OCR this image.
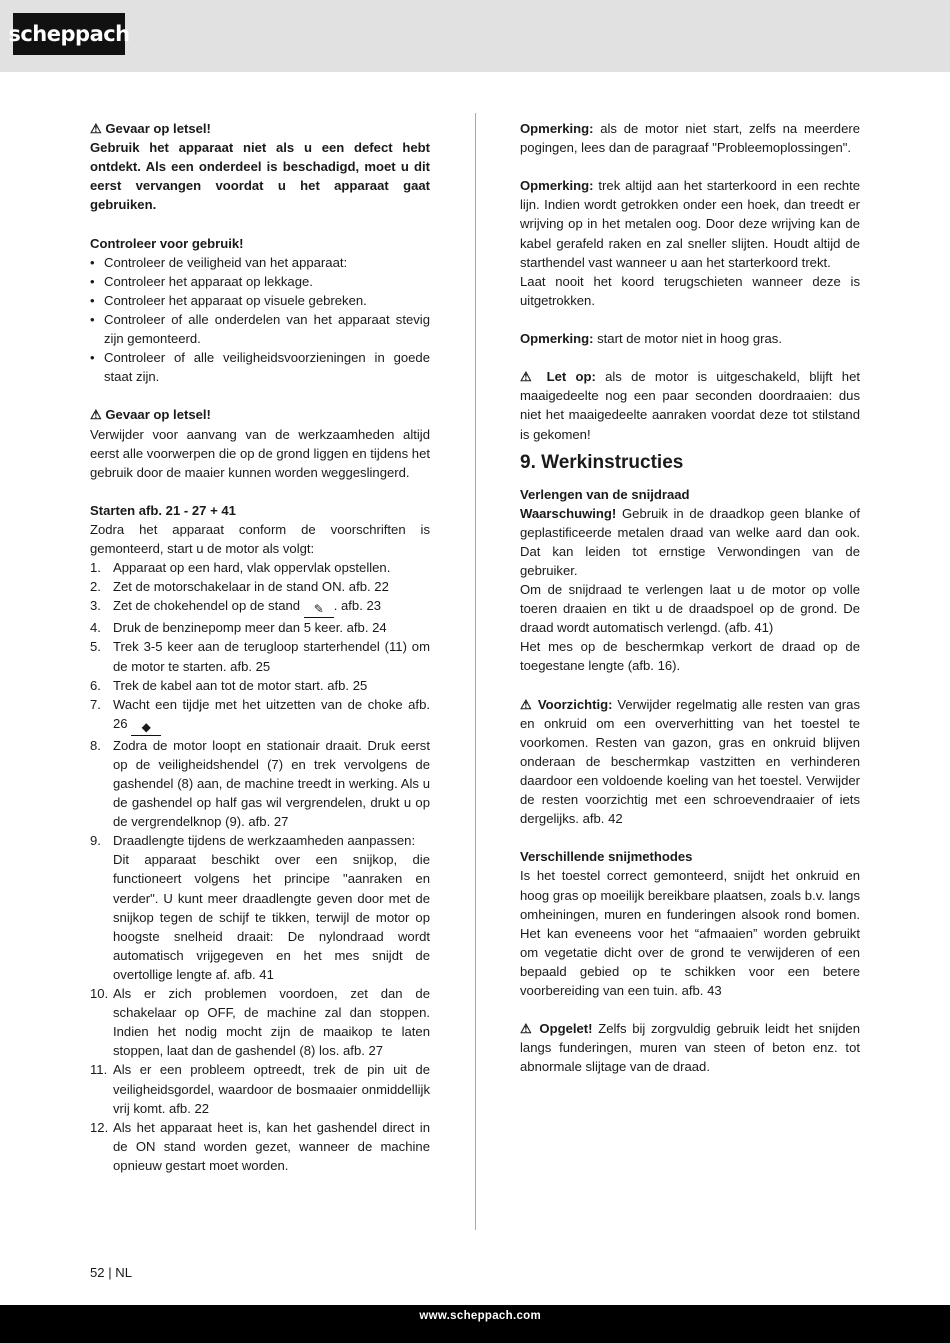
scheppach

⚠ Gevaar op letsel!

Gebruik het apparaat niet als u een defect hebt ontdekt. Als een onderdeel is beschadigd, moet u dit eerst vervangen voordat u het apparaat gaat gebruiken.

Controleer voor gebruik!

• Controleer de veiligheid van het apparaat:
• Controleer het apparaat op lekkage.
• Controleer het apparaat op visuele gebreken.
• Controleer of alle onderdelen van het apparaat stevig zijn gemonteerd.
• Controleer of alle veiligheidsvoorzieningen in goede staat zijn.

⚠ Gevaar op letsel!

Verwijder voor aanvang van de werkzaamheden altijd eerst alle voorwerpen die op de grond liggen en tijdens het gebruik door de maaier kunnen worden weggeslingerd.

Starten afb. 21 - 27 + 41

Zodra het apparaat conform de voorschriften is gemonteerd, start u de motor als volgt:

1. Apparaat op een hard, vlak oppervlak opstellen.
2. Zet de motorschakelaar in de stand ON. afb. 22
3. Zet de chokehendel op de stand ✎ . afb. 23
4. Druk de benzinepomp meer dan 5 keer. afb. 24
5. Trek 3-5 keer aan de terugloop starterhendel (11) om de motor te starten. afb. 25
6. Trek de kabel aan tot de motor start. afb. 25
7. Wacht een tijdje met het uitzetten van de choke afb. 26 ◆
8. Zodra de motor loopt en stationair draait. Druk eerst op de veiligheidshendel (7) en trek vervolgens de gashendel (8) aan, de machine treedt in werking. Als u de gashendel op half gas wil vergrendelen, drukt u op de vergrendelknop (9). afb. 27
9. Draadlengte tijdens de werkzaamheden aanpassen:
Dit apparaat beschikt over een snijkop, die functioneert volgens het principe "aanraken en verder". U kunt meer draadlengte geven door met de snijkop tegen de schijf te tikken, terwijl de motor op hoogste snelheid draait: De nylondraad wordt automatisch vrijgegeven en het mes snijdt de overtollige lengte af. afb. 41
10. Als er zich problemen voordoen, zet dan de schakelaar op OFF, de machine zal dan stoppen. Indien het nodig mocht zijn de maaikop te laten stoppen, laat dan de gashendel (8) los. afb. 27
11. Als er een probleem optreedt, trek de pin uit de veiligheidsgordel, waardoor de bosmaaier onmiddellijk vrij komt. afb. 22
12. Als het apparaat heet is, kan het gashendel direct in de ON stand worden gezet, wanneer de machine opnieuw gestart moet worden.

Opmerking: als de motor niet start, zelfs na meerdere pogingen, lees dan de paragraaf "Probleemoplossingen".

Opmerking: trek altijd aan het starterkoord in een rechte lijn. Indien wordt getrokken onder een hoek, dan treedt er wrijving op in het metalen oog. Door deze wrijving kan de kabel gerafeld raken en zal sneller slijten. Houdt altijd de starthendel vast wanneer u aan het starterkoord trekt.

Laat nooit het koord terugschieten wanneer deze is uitgetrokken.

Opmerking: start de motor niet in hoog gras.

⚠ Let op: als de motor is uitgeschakeld, blijft het maaigedeelte nog een paar seconden doordraaien: dus niet het maaigedeelte aanraken voordat deze tot stilstand is gekomen!

9. Werkinstructies

Verlengen van de snijdraad

Waarschuwing! Gebruik in de draadkop geen blanke of geplastificeerde metalen draad van welke aard dan ook. Dat kan leiden tot ernstige Verwondingen van de gebruiker.

Om de snijdraad te verlengen laat u de motor op volle toeren draaien en tikt u de draadspoel op de grond. De draad wordt automatisch verlengd. (afb. 41)

Het mes op de beschermkap verkort de draad op de toegestane lengte (afb. 16).

⚠ Voorzichtig: Verwijder regelmatig alle resten van gras en onkruid om een oververhitting van het toestel te voorkomen. Resten van gazon, gras en onkruid blijven onderaan de beschermkap vastzitten en verhinderen daardoor een voldoende koeling van het toestel. Verwijder de resten voorzichtig met een schroevendraaier of iets dergelijks. afb. 42

Verschillende snijmethodes

Is het toestel correct gemonteerd, snijdt het onkruid en hoog gras op moeilijk bereikbare plaatsen, zoals b.v. langs omheiningen, muren en funderingen alsook rond bomen. Het kan eveneens voor het “afmaaien” worden gebruikt om vegetatie dicht over de grond te verwijderen of een bepaald gebied op te schikken voor een betere voorbereiding van een tuin. afb. 43

⚠ Opgelet! Zelfs bij zorgvuldig gebruik leidt het snijden langs funderingen, muren van steen of beton enz. tot abnormale slijtage van de draad.

52 | NL
www.scheppach.com
